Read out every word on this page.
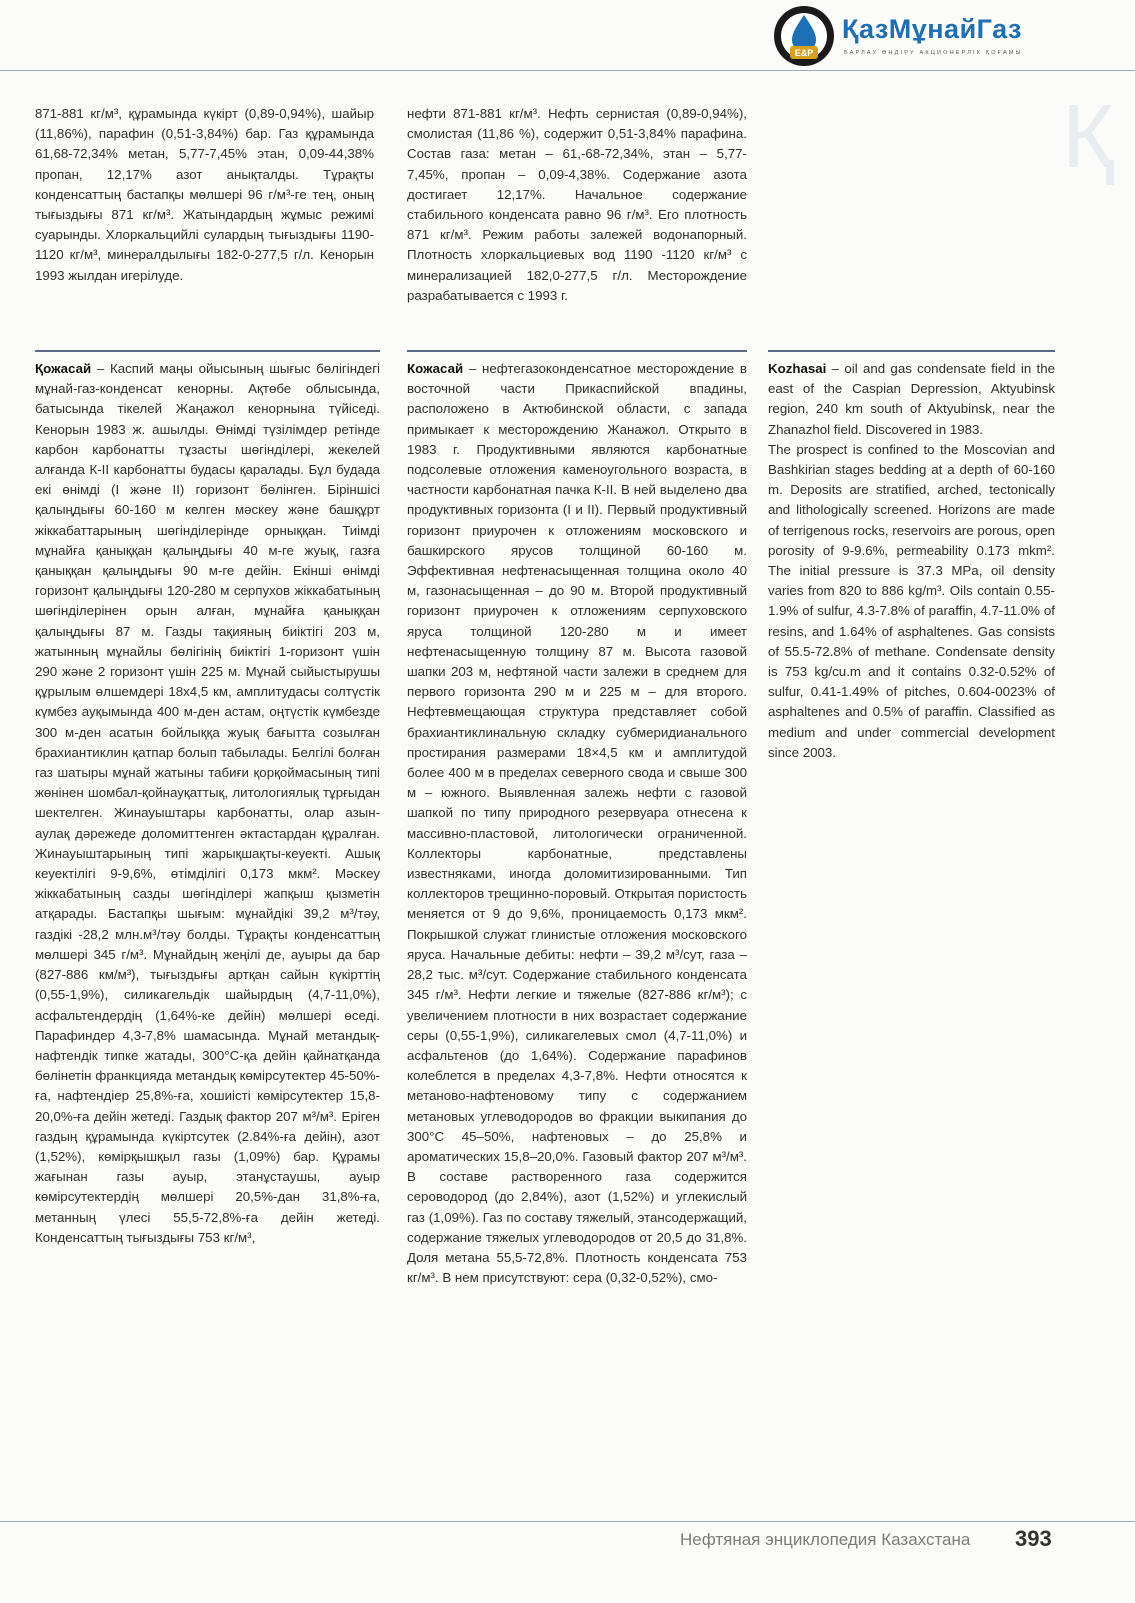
E&P
ҚазМұнайГаз
БАРЛАУ ӨНДІРУ АКЦИОНЕРЛІК ҚОҒАМЫ
Қ

871-881 кг/м³, құрамында күкірт (0,89-0,94%), шайыр (11,86%), парафин (0,51-3,84%) бар. Газ құрамында 61,68-72,34% метан, 5,77-7,45% этан, 0,09-44,38% пропан, 12,17% азот анықталды. Тұрақты конденсаттың бастапқы мөлшері 96 г/м³-ге тең, оның тығыздығы 871 кг/м³. Жатындардың жұмыс режимі суарынды. Хлоркальцийлі сулардың тығыздығы 1190-1120 кг/м³, минералдылығы 182-0-277,5 г/л. Кенорын 1993 жылдан игерілуде.

нефти 871-881 кг/м³. Нефть сернистая (0,89-0,94%), смолистая (11,86 %), содержит 0,51-3,84% парафина. Состав газа: метан – 61,-68-72,34%, этан – 5,77-7,45%, пропан – 0,09-4,38%. Содержание азота достигает 12,17%. Начальное содержание стабильного конденсата равно 96 г/м³. Его плотность 871 кг/м³. Режим работы залежей водонапорный. Плотность хлоркальциевых вод 1190 -1120 кг/м³ с минерализацией 182,0-277,5 г/л. Месторождение разрабатывается с 1993 г.

Қожасай – Каспий маңы ойысының шығыс бөлігіндегі мұнай-газ-конденсат кенорны. Ақтөбе облысында, батысында тікелей Жаңажол кенорнына түйіседі. Кенорын 1983 ж. ашылды. Өнімді түзілімдер ретінде карбон карбонатты тұзасты шөгінділері, жекелей алғанда К-ІІ карбонатты будасы қаралады. Бұл будада екі өнімді (І және ІІ) горизонт бөлінген. Біріншісі қалыңдығы 60-160 м келген мәскеу және башқұрт жіккабаттарының шөгінділерінде орныққан. Тиімді мұнайға қаныққан қалыңдығы 40 м-ге жуық, газға қаныққан қалыңдығы 90 м-ге дейін. Екінші өнімді горизонт қалыңдығы 120-280 м серпухов жіккабатының шөгінділерінен орын алған, мұнайға қаныққан қалыңдығы 87 м. Газды тақияның биіктігі 203 м, жатынның мұнайлы бөлігінің биіктігі 1-горизонт үшін 290 және 2 горизонт үшін 225 м. Мұнай сыйыстырушы құрылым өлшемдері 18х4,5 км, амплитудасы солтүстік күмбез ауқымында 400 м-ден астам, оңтүстік күмбезде 300 м-ден асатын бойлыққа жуық бағытта созылған брахиантиклин қатпар болып табылады. Белгілі болған газ шатыры мұнай жатыны табиғи қорқоймасының типі жөнінен шомбал-қойнауқаттық, литологиялық тұрғыдан шектелген. Жинауыштары карбонатты, олар азын-аулақ дәрежеде доломиттенген әктастардан құралған. Жинауыштарының типі жарықшақты-кеуекті. Ашық кеуектілігі 9-9,6%, өтімділігі 0,173 мкм². Мәскеу жіккабатының сазды шөгінділері жапқыш қызметін атқарады. Бастапқы шығым: мұнайдікі 39,2 м³/тәу, газдікі -28,2 млн.м³/тәу болды. Тұрақты конденсаттың мөлшері 345 г/м³. Мұнайдың жеңілі де, ауыры да бар (827-886 км/м³), тығыздығы артқан сайын күкірттің (0,55-1,9%), силикагельдік шайырдың (4,7-11,0%), асфальтендердің (1,64%-ке дейін) мөлшері өседі. Парафиндер 4,3-7,8% шамасында. Мұнай метандық-нафтендік типке жатады, 300°С-қа дейін қайнатқанда бөлінетін франкцияда метандық көмірсутектер 45-50%-ға, нафтендіер 25,8%-ға, хошиісті көмірсутектер 15,8-20,0%-ға дейін жетеді. Газдық фактор 207 м³/м³. Еріген газдың құрамында күкіртсутек (2.84%-ға дейін), азот (1,52%), көмірқышқыл газы (1,09%) бар. Құрамы жағынан газы ауыр, этанұстаушы, ауыр көмірсутектердің мөлшері 20,5%-дан 31,8%-ға, метанның үлесі 55,5-72,8%-ға дейін жетеді. Конденсаттың тығыздығы 753 кг/м³,

Кожасай – нефтегазоконденсатное месторождение в восточной части Прикаспийской впадины, расположено в Актюбинской области, с запада примыкает к месторождению Жанажол. Открыто в 1983 г. Продуктивными являются карбонатные подсолевые отложения каменоугольного возраста, в частности карбонатная пачка К-II. В ней выделено два продуктивных горизонта (I и II). Первый продуктивный горизонт приурочен к отложениям московского и башкирского ярусов толщиной 60-160 м. Эффективная нефтенасыщенная толщина около 40 м, газонасыщенная – до 90 м. Второй продуктивный горизонт приурочен к отложениям серпуховского яруса толщиной 120-280 м и имеет нефтенасыщенную толщину 87 м. Высота газовой шапки 203 м, нефтяной части залежи в среднем для первого горизонта 290 м и 225 м – для второго. Нефтевмещающая структура представляет собой брахиантиклинальную складку субмеридианального простирания размерами 18×4,5 км и амплитудой более 400 м в пределах северного свода и свыше 300 м – южного. Выявленная залежь нефти с газовой шапкой по типу природного резервуара отнесена к массивно-пластовой, литологически ограниченной. Коллекторы карбонатные, представлены известняками, иногда доломитизированными. Тип коллекторов трещинно-поровый. Открытая пористость меняется от 9 до 9,6%, проницаемость 0,173 мкм². Покрышкой служат глинистые отложения московского яруса. Начальные дебиты: нефти – 39,2 м³/сут, газа – 28,2 тыс. м³/сут. Содержание стабильного конденсата 345 г/м³. Нефти легкие и тяжелые (827-886 кг/м³); с увеличением плотности в них возрастает содержание серы (0,55-1,9%), силикагелевых смол (4,7-11,0%) и асфальтенов (до 1,64%). Содержание парафинов колеблется в пределах 4,3-7,8%. Нефти относятся к метаново-нафтеновому типу с содержанием метановых углеводородов во фракции выкипания до 300°С 45–50%, нафтеновых – до 25,8% и ароматических 15,8–20,0%. Газовый фактор 207 м³/м³. В составе растворенного газа содержится сероводород (до 2,84%), азот (1,52%) и углекислый газ (1,09%). Газ по составу тяжелый, этансодержащий, содержание тяжелых углеводородов от 20,5 до 31,8%. Доля метана 55,5-72,8%. Плотность конденсата 753 кг/м³. В нем присутствуют: сера (0,32-0,52%), смо-

Kozhasai – oil and gas condensate field in the east of the Caspian Depression, Aktyubinsk region, 240 km south of Aktyubinsk, near the Zhanazhol field. Discovered in 1983.

The prospect is confined to the Moscovian and Bashkirian stages bedding at a depth of 60-160 m. Deposits are stratified, arched, tectonically and lithologically screened. Horizons are made of terrigenous rocks, reservoirs are porous, open porosity of 9-9.6%, permeability 0.173 mkm². The initial pressure is 37.3 MPa, oil density varies from 820 to 886 kg/m³. Oils contain 0.55-1.9% of sulfur, 4.3-7.8% of paraffin, 4.7-11.0% of resins, and 1.64% of asphaltenes. Gas consists of 55.5-72.8% of methane. Condensate density is 753 kg/cu.m and it contains 0.32-0.52% of sulfur, 0.41-1.49% of pitches, 0.604-0023% of asphaltenes and 0.5% of paraffin. Classified as medium and under commercial development since 2003.

Нефтяная энциклопедия Казахстана 393
